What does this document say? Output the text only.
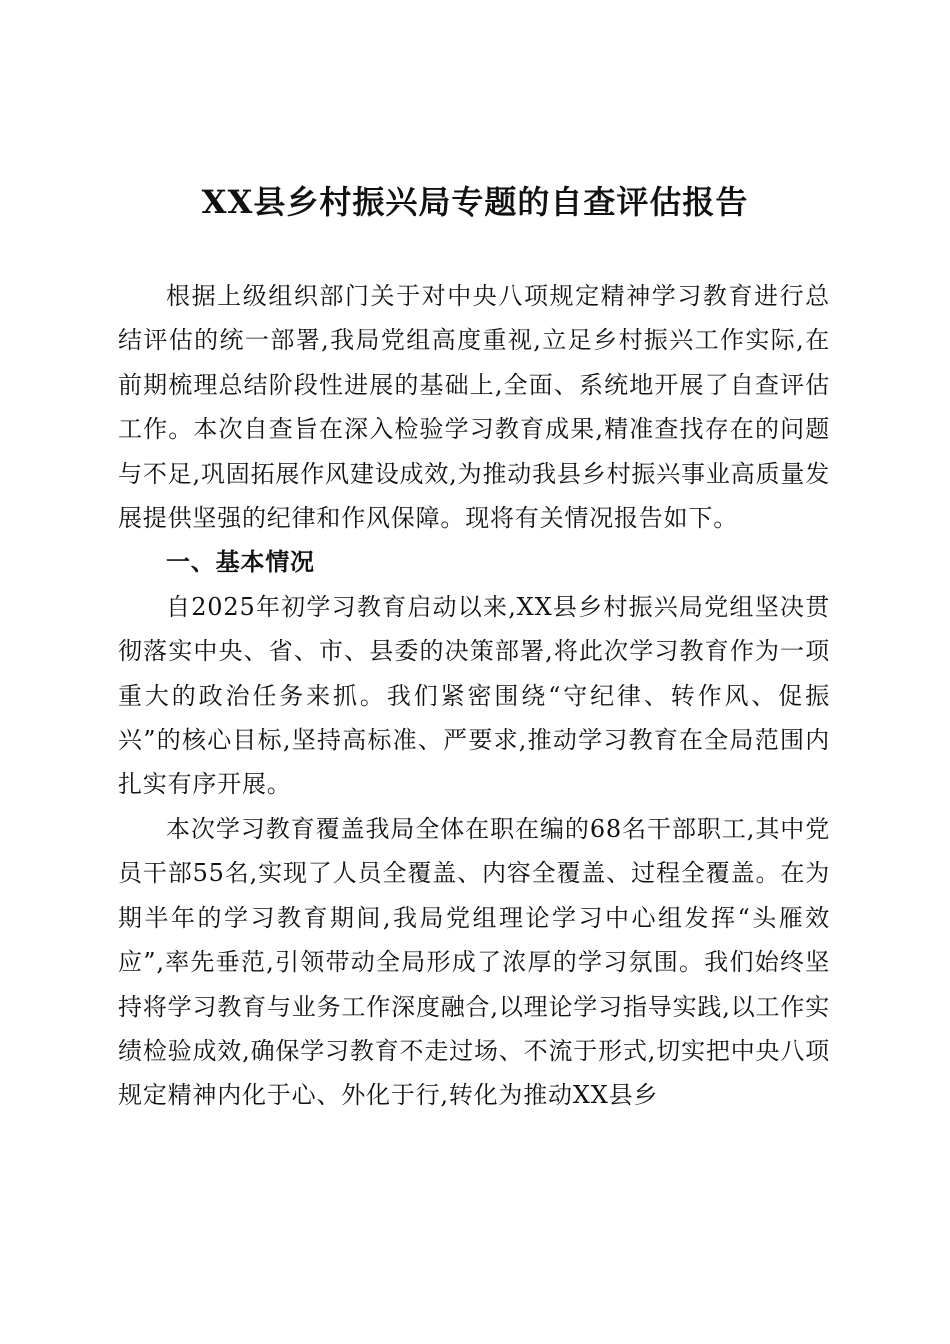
XX县乡村振兴局专题的自查评估报告

根据上级组织部门关于对中央八项规定精神学习教育进行总结评估的统一部署,我局党组高度重视,立足乡村振兴工作实际,在前期梳理总结阶段性进展的基础上,全面、系统地开展了自查评估工作。本次自查旨在深入检验学习教育成果,精准查找存在的问题与不足,巩固拓展作风建设成效,为推动我县乡村振兴事业高质量发展提供坚强的纪律和作风保障。现将有关情况报告如下。

一、基本情况

自2025年初学习教育启动以来,XX县乡村振兴局党组坚决贯彻落实中央、省、市、县委的决策部署,将此次学习教育作为一项重大的政治任务来抓。我们紧密围绕“守纪律、转作风、促振兴”的核心目标,坚持高标准、严要求,推动学习教育在全局范围内扎实有序开展。

本次学习教育覆盖我局全体在职在编的68名干部职工,其中党员干部55名,实现了人员全覆盖、内容全覆盖、过程全覆盖。在为期半年的学习教育期间,我局党组理论学习中心组发挥“头雁效应”,率先垂范,引领带动全局形成了浓厚的学习氛围。我们始终坚持将学习教育与业务工作深度融合,以理论学习指导实践,以工作实绩检验成效,确保学习教育不走过场、不流于形式,切实把中央八项规定精神内化于心、外化于行,转化为推动XX县乡
